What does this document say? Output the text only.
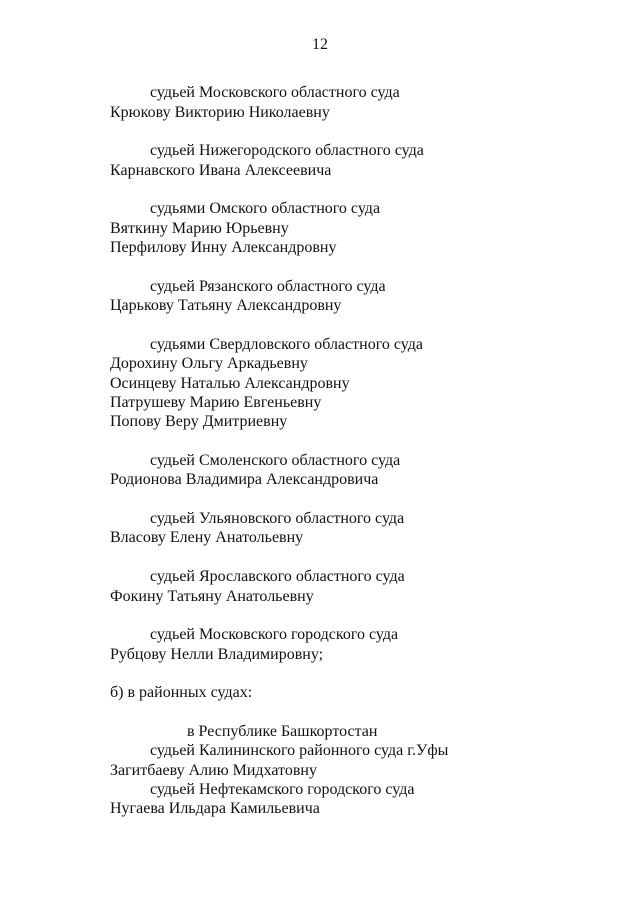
12
судьей Московского областного суда
Крюкову Викторию Николаевну
судьей Нижегородского областного суда
Карнавского Ивана Алексеевича
судьями Омского областного суда
Вяткину Марию Юрьевну
Перфилову Инну Александровну
судьей Рязанского областного суда
Царькову Татьяну Александровну
судьями Свердловского областного суда
Дорохину Ольгу Аркадьевну
Осинцеву Наталью Александровну
Патрушеву Марию Евгеньевну
Попову Веру Дмитриевну
судьей Смоленского областного суда
Родионова Владимира Александровича
судьей Ульяновского областного суда
Власову Елену Анатольевну
судьей Ярославского областного суда
Фокину Татьяну Анатольевну
судьей Московского городского суда
Рубцову Нелли Владимировну;
б) в районных судах:
в Республике Башкортостан
судьей Калининского районного суда г.Уфы
Загитбаеву Алию Мидхатовну
судьей Нефтекамского городского суда
Нугаева Ильдара Камильевича
